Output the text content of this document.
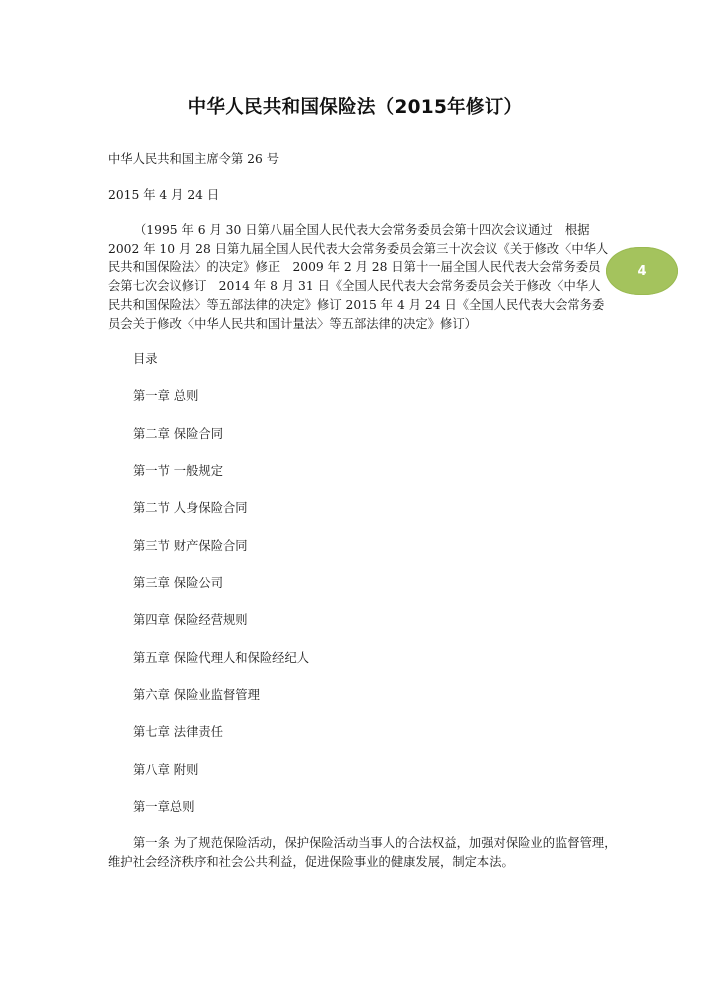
中华人民共和国保险法（2015年修订）
中华人民共和国主席令第 26 号
2015 年 4 月 24 日
（1995 年 6 月 30 日第八届全国人民代表大会常务委员会第十四次会议通过　根据
2002 年 10 月 28 日第九届全国人民代表大会常务委员会第三十次会议《关于修改〈中华人
民共和国保险法〉的决定》修正　2009 年 2 月 28 日第十一届全国人民代表大会常务委员
会第七次会议修订　2014 年 8 月 31 日《全国人民代表大会常务委员会关于修改〈中华人
民共和国保险法〉等五部法律的决定》修订 2015 年 4 月 24 日《全国人民代表大会常务委
员会关于修改〈中华人民共和国计量法〉等五部法律的决定》修订）
目录
第一章 总则
第二章 保险合同
第一节 一般规定
第二节 人身保险合同
第三节 财产保险合同
第三章 保险公司
第四章 保险经营规则
第五章 保险代理人和保险经纪人
第六章 保险业监督管理
第七章 法律责任
第八章 附则
第一章总则
第一条 为了规范保险活动，保护保险活动当事人的合法权益，加强对保险业的监督管理，
维护社会经济秩序和社会公共利益，促进保险事业的健康发展，制定本法。
4
